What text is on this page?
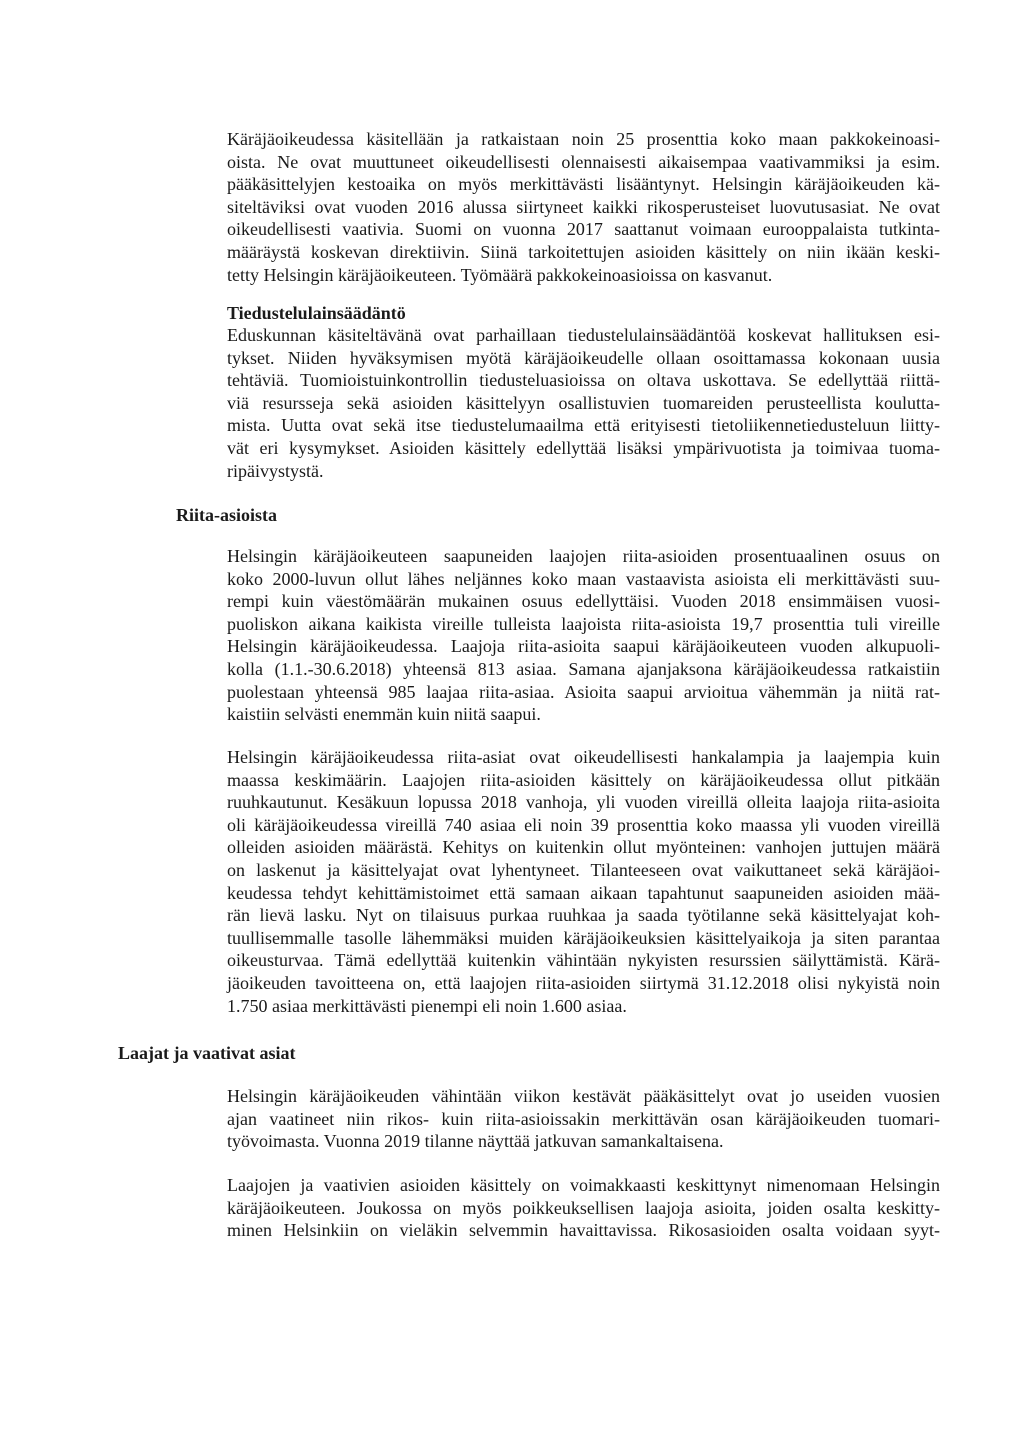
Käräjäoikeudessa käsitellään ja ratkaistaan noin 25 prosenttia koko maan pakkokeinoasi-
oista. Ne ovat muuttuneet oikeudellisesti olennaisesti aikaisempaa vaativammiksi ja esim.
pääkäsittelyjen kestoaika on myös merkittävästi lisääntynyt. Helsingin käräjäoikeuden kä-
siteltäviksi ovat vuoden 2016 alussa siirtyneet kaikki rikosperusteiset luovutusasiat. Ne ovat
oikeudellisesti vaativia. Suomi on vuonna 2017 saattanut voimaan eurooppalaista tutkinta-
määräystä koskevan direktiivin. Siinä tarkoitettujen asioiden käsittely on niin ikään keski-
tetty Helsingin käräjäoikeuteen. Työmäärä pakkokeinoasioissa on kasvanut.

Tiedustelulainsäädäntö

Eduskunnan käsiteltävänä ovat parhaillaan tiedustelulainsäädäntöä koskevat hallituksen esi-
tykset. Niiden hyväksymisen myötä käräjäoikeudelle ollaan osoittamassa kokonaan uusia
tehtäviä. Tuomioistuinkontrollin tiedusteluasioissa on oltava uskottava. Se edellyttää riittä-
viä resursseja sekä asioiden käsittelyyn osallistuvien tuomareiden perusteellista koulutta-
mista. Uutta ovat sekä itse tiedustelumaailma että erityisesti tietoliikennetiedusteluun liitty-
vät eri kysymykset. Asioiden käsittely edellyttää lisäksi ympärivuotista ja toimivaa tuoma-
ripäivystystä.

Riita-asioista

Helsingin käräjäoikeuteen saapuneiden laajojen riita-asioiden prosentuaalinen osuus on
koko 2000-luvun ollut lähes neljännes koko maan vastaavista asioista eli merkittävästi suu-
rempi kuin väestömäärän mukainen osuus edellyttäisi. Vuoden 2018 ensimmäisen vuosi-
puoliskon aikana kaikista vireille tulleista laajoista riita-asioista 19,7 prosenttia tuli vireille
Helsingin käräjäoikeudessa. Laajoja riita-asioita saapui käräjäoikeuteen vuoden alkupuoli-
kolla (1.1.-30.6.2018) yhteensä 813 asiaa. Samana ajanjaksona käräjäoikeudessa ratkaistiin
puolestaan yhteensä 985 laajaa riita-asiaa. Asioita saapui arvioitua vähemmän ja niitä rat-
kaistiin selvästi enemmän kuin niitä saapui.

Helsingin käräjäoikeudessa riita-asiat ovat oikeudellisesti hankalampia ja laajempia kuin
maassa keskimäärin. Laajojen riita-asioiden käsittely on käräjäoikeudessa ollut pitkään
ruuhkautunut. Kesäkuun lopussa 2018 vanhoja, yli vuoden vireillä olleita laajoja riita-asioita
oli käräjäoikeudessa vireillä 740 asiaa eli noin 39 prosenttia koko maassa yli vuoden vireillä
olleiden asioiden määrästä. Kehitys on kuitenkin ollut myönteinen: vanhojen juttujen määrä
on laskenut ja käsittelyajat ovat lyhentyneet. Tilanteeseen ovat vaikuttaneet sekä käräjäoi-
keudessa tehdyt kehittämistoimet että samaan aikaan tapahtunut saapuneiden asioiden mää-
rän lievä lasku. Nyt on tilaisuus purkaa ruuhkaa ja saada työtilanne sekä käsittelyajat koh-
tuullisemmalle tasolle lähemmäksi muiden käräjäoikeuksien käsittelyaikoja ja siten parantaa
oikeusturvaa. Tämä edellyttää kuitenkin vähintään nykyisten resurssien säilyttämistä. Kärä-
jäoikeuden tavoitteena on, että laajojen riita-asioiden siirtymä 31.12.2018 olisi nykyistä noin
1.750 asiaa merkittävästi pienempi eli noin 1.600 asiaa.

Laajat ja vaativat asiat

Helsingin käräjäoikeuden vähintään viikon kestävät pääkäsittelyt ovat jo useiden vuosien
ajan vaatineet niin rikos- kuin riita-asioissakin merkittävän osan käräjäoikeuden tuomari-
työvoimasta. Vuonna 2019 tilanne näyttää jatkuvan samankaltaisena.

Laajojen ja vaativien asioiden käsittely on voimakkaasti keskittynyt nimenomaan Helsingin
käräjäoikeuteen. Joukossa on myös poikkeuksellisen laajoja asioita, joiden osalta keskitty-
minen Helsinkiin on vieläkin selvemmin havaittavissa. Rikosasioiden osalta voidaan syyt-
